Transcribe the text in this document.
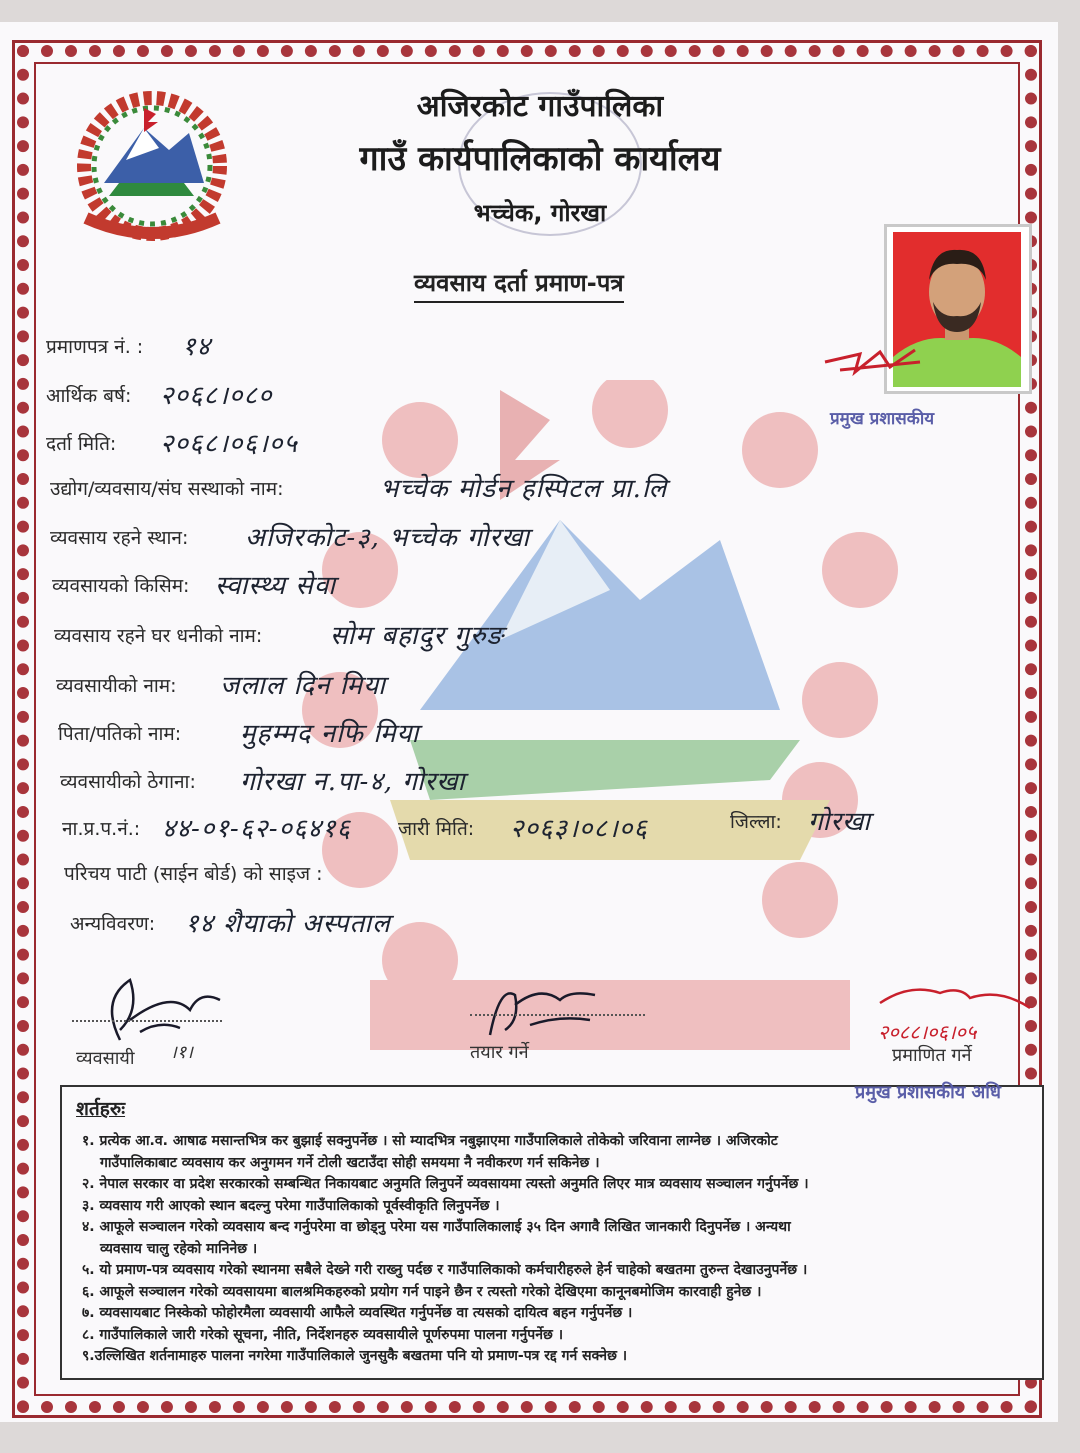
अजिरकोट गाउँपालिका
गाउँ कार्यपालिकाको कार्यालय
भच्चेक, गोरखा
व्यवसाय दर्ता प्रमाण-पत्र
प्रमुख प्रशासकीय
प्रमाणपत्र नं. : १४
आर्थिक बर्ष: २०६८।०८०
दर्ता मिति: २०६८।०६।०५
उद्योग/व्यवसाय/संघ सस्थाको नाम:	भच्चेक मोर्डन हस्पिटल प्रा.लि
व्यवसाय रहने स्थान: अजिरकोट-३, भच्चेक गोरखा
व्यवसायको किसिम: स्वास्थ्य सेवा
व्यवसाय रहने घर धनीको नाम:	सोम बहादुर गुरुङ
व्यवसायीको नाम: जलाल दिन मिया
पिता/पतिको नाम: मुहम्मद नफि मिया
व्यवसायीको ठेगाना: गोरखा न.पा-४, गोरखा
ना.प्र.प.नं.: ४४-०१-६२-०६४१६
परिचय पाटी (साईन बोर्ड) को साइज :
अन्यविवरण: १४ शैयाको अस्पताल
जारी मिति: २०६३।०८।०६	जिल्ला: गोरखा
व्यवसायी ।१।	तयार गर्ने
२०८८।०६।०५
प्रमाणित गर्ने
शर्तहरुः
१. प्रत्येक आ.व. आषाढ मसान्तभित्र कर बुझाई सक्नुपर्नेछ । सो म्यादभित्र नबुझाएमा गाउँपालिकाले तोकेको जरिवाना लाग्नेछ । अजिरकोट
गाउँपालिकाबाट व्यवसाय कर अनुगमन गर्ने टोली खटाउँदा सोही समयमा नै नवीकरण गर्न सकिनेछ ।
२. नेपाल सरकार वा प्रदेश सरकारको सम्बन्धित निकायबाट अनुमति लिनुपर्ने व्यवसायमा त्यस्तो अनुमति लिएर मात्र व्यवसाय सञ्चालन गर्नुपर्नेछ ।
३. व्यवसाय गरी आएको स्थान बदल्नु परेमा गाउँपालिकाको पूर्वस्वीकृति लिनुपर्नेछ ।
४. आफूले सञ्चालन गरेको व्यवसाय बन्द गर्नुपरेमा वा छोड्नु परेमा यस गाउँपालिकालाई ३५ दिन अगावै लिखित जानकारी दिनुपर्नेछ । अन्यथा
व्यवसाय चालु रहेको मानिनेछ ।
५. यो प्रमाण-पत्र व्यवसाय गरेको स्थानमा सबैले देख्ने गरी राख्नु पर्दछ र गाउँपालिकाको कर्मचारीहरुले हेर्न चाहेको बखतमा तुरुन्त देखाउनुपर्नेछ ।
६. आफूले सञ्चालन गरेको व्यवसायमा बालश्रमिकहरुको प्रयोग गर्न पाइने छैन र त्यस्तो गरेको देखिएमा कानूनबमोजिम कारवाही हुनेछ ।
७. व्यवसायबाट निस्केको फोहोरमैला व्यवसायी आफैले व्यवस्थित गर्नुपर्नेछ वा त्यसको दायित्व बहन गर्नुपर्नेछ ।
८. गाउँपालिकाले जारी गरेको सूचना, नीति, निर्देशनहरु व्यवसायीले पूर्णरुपमा पालना गर्नुपर्नेछ ।
९.उल्लिखित शर्तनामाहरु पालना नगरेमा गाउँपालिकाले जुनसुकै बखतमा पनि यो प्रमाण-पत्र रद्द गर्न सक्नेछ ।
प्रमुख प्रशासकीय अधि
